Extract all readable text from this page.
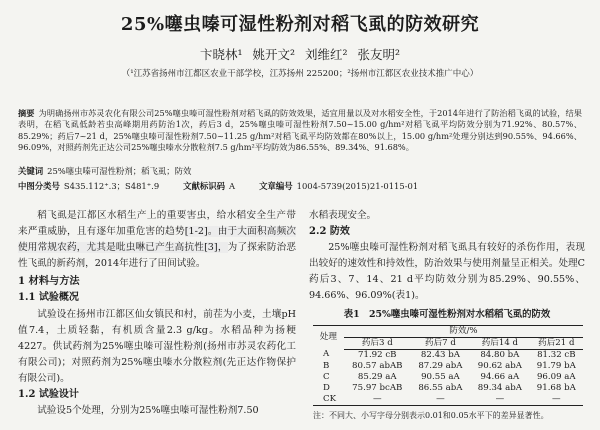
25%噻虫嗪可湿性粉剂对稻飞虱的防效研究
卞晓林¹ 姚开文² 刘维红² 张友明²
（¹江苏省扬州市江都区农业干部学校，江苏扬州 225200；²扬州市江都区农业技术推广中心）
摘要 为明确扬州市苏灵农化有限公司25%噻虫嗪可湿性粉剂对稻飞虱的防效效果，适宜用量以及对水稻安全性，于2014年进行了防治稻飞虱的试验，结果表明，在稻飞虱低龄若虫高峰期用药防治1次，药后3 d，25%噻虫嗪可湿性粉剂7.50~15.00 g/hm²对稻飞虱平均防效分别为71.92%、80.57%、85.29%；药后7~21 d，25%噻虫嗪可湿性粉剂7.50~11.25 g/hm²对稻飞虱平均防效都在80%以上，15.00 g/hm²处理分别达到90.55%、94.66%、96.09%，对照药剂先正达公司25%噻虫嗪水分散粒剂7.5 g/hm²平均防效为86.55%、89.34%、91.68%。
关键词 25%噻虫嗪可湿性粉剂；稻飞虱；防效
中图分类号 S435.112⁺.3；S481⁺.9	文献标识码 A	文章编号 1004-5739(2015)21-0115-01

稻飞虱是江都区水稻生产上的重要害虫，给水稻安全生产带来严重威胁，且有逐年加重危害的趋势[1-2]。由于大面积高频次使用常规农药，尤其是吡虫啉已产生高抗性[3]，为了探索防治恶性飞虱的新药剂，2014年进行了田间试验。

1 材料与方法
1.1 试验概况

试验设在扬州市江都区仙女镇民和村，前茬为小麦，土壤pH值7.4，土质轻黏，有机质含量2.3 g/kg。水稻品种为扬粳4227。供试药剂为25%噻虫嗪可湿性粉剂(扬州市苏灵农药化工有限公司)；对照药剂为25%噻虫嗪水分散粒剂(先正达作物保护有限公司)。

1.2 试验设计

试验设5个处理，分别为25%噻虫嗪可湿性粉剂7.50

水稻表现安全。

2.2 防效

25%噻虫嗪可湿性粉剂对稻飞虱具有较好的杀伤作用，表现出较好的速效性和持效性，防治效果与使用剂量呈正相关。处理C药后3、7、14、21 d平均防效分别为85.29%、90.55%、94.66%、96.09%(表1)。

表1　25%噻虫嗪可湿性粉剂对水稻稻飞虱的防效
处理	防效/%			
	药后3 d	药后7 d	药后14 d	药后21 d
A	71.92 cB	82.43 bA	84.80 bA	81.32 cB
B	80.57 abAB	87.29 abA	90.62 abA	91.79 bA
C	85.29 aA	90.55 aA	94.66 aA	96.09 aA
D	75.97 bcAB	86.55 abA	89.34 abA	91.68 bA
CK	—	—	—	—
注：不同大、小写字母分别表示0.01和0.05水平下的差异显著性。
